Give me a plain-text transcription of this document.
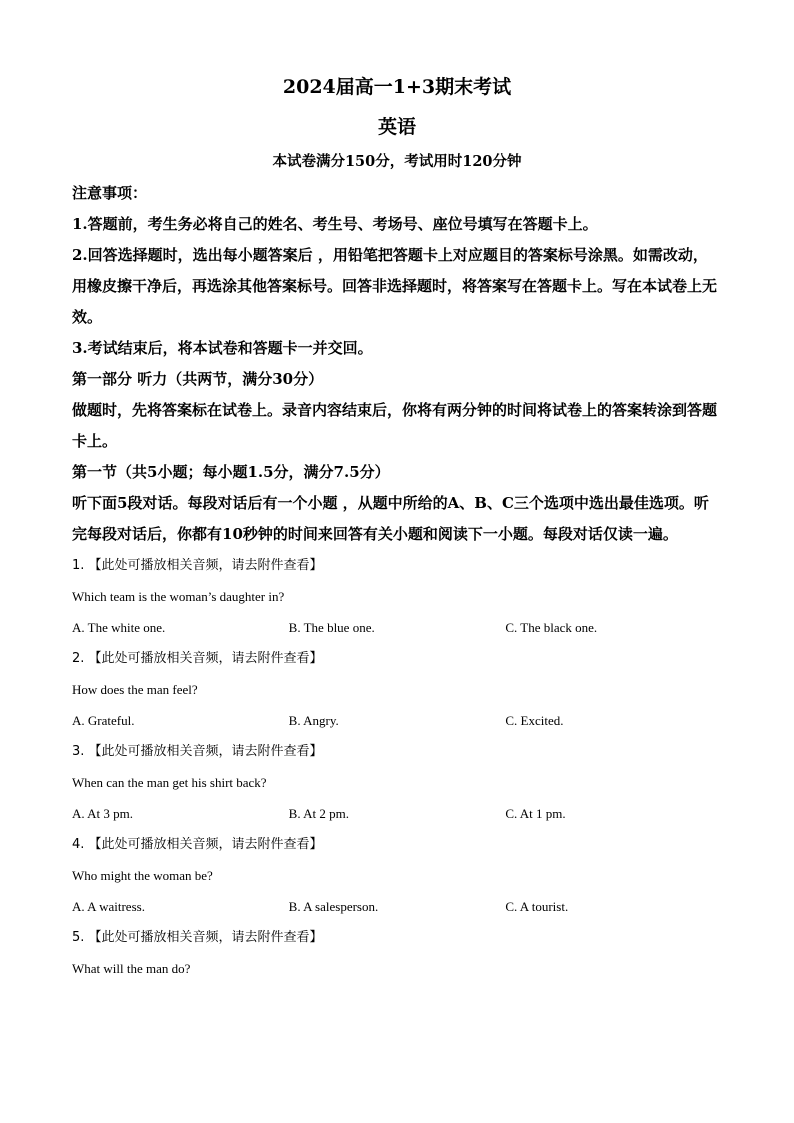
2024届高一1+3期末考试
英语
本试卷满分150分，考试用时120分钟

注意事项：

1.答题前，考生务必将自己的姓名、考生号、考场号、座位号填写在答题卡上。

2.回答选择题时，选出每小题答案后 ，用铅笔把答题卡上对应题目的答案标号涂黑。如需改动，用橡皮擦干净后，再选涂其他答案标号。回答非选择题时，将答案写在答题卡上。写在本试卷上无效。

3.考试结束后，将本试卷和答题卡一并交回。

第一部分 听力（共两节，满分30分）

做题时，先将答案标在试卷上。录音内容结束后，你将有两分钟的时间将试卷上的答案转涂到答题卡上。

第一节（共5小题；每小题1.5分，满分7.5分）

听下面5段对话。每段对话后有一个小题 ，从题中所给的A、B、C三个选项中选出最佳选项。听完每段对话后，你都有10秒钟的时间来回答有关小题和阅读下一小题。每段对话仅读一遍。

1. 【此处可播放相关音频，请去附件查看】

Which team is the woman’s daughter in?

A. The white one.	B. The blue one.	C. The black one.

2. 【此处可播放相关音频，请去附件查看】

How does the man feel?

A. Grateful.	B. Angry.	C. Excited.

3. 【此处可播放相关音频，请去附件查看】

When can the man get his shirt back?

A. At 3 pm.	B. At 2 pm.	C. At 1 pm.

4. 【此处可播放相关音频，请去附件查看】

Who might the woman be?

A. A waitress.	B. A salesperson.	C. A tourist.

5. 【此处可播放相关音频，请去附件查看】

What will the man do?
